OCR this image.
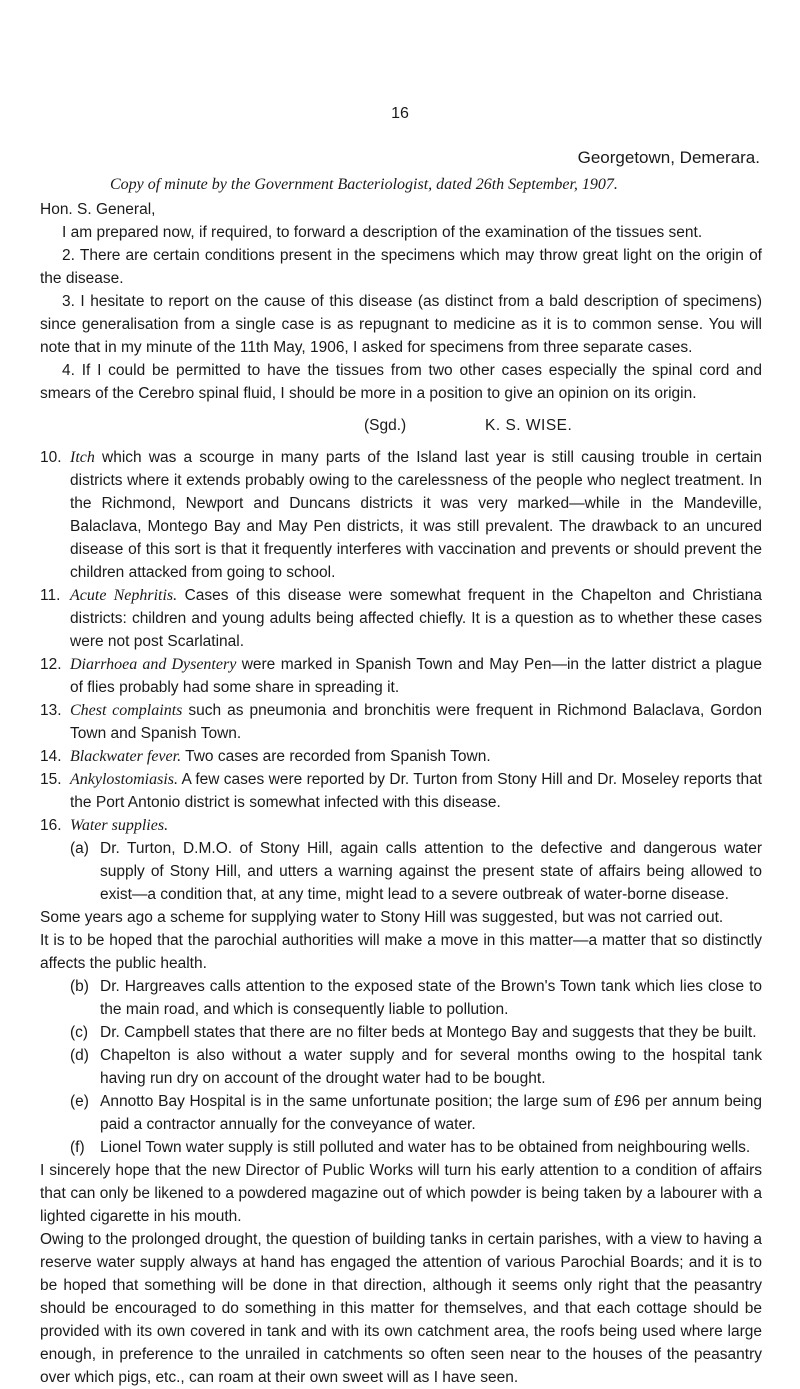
16
Georgetown, Demerara.
Copy of minute by the Government Bacteriologist, dated 26th September, 1907.

Hon. S. General,

I am prepared now, if required, to forward a description of the examination of the tissues sent.

2. There are certain conditions present in the specimens which may throw great light on the origin of the disease.

3. I hesitate to report on the cause of this disease (as distinct from a bald description of specimens) since generalisation from a single case is as repugnant to medicine as it is to common sense. You will note that in my minute of the 11th May, 1906, I asked for specimens from three separate cases.

4. If I could be permitted to have the tissues from two other cases especially the spinal cord and smears of the Cerebro spinal fluid, I should be more in a position to give an opinion on its origin.

(Sgd.)	K. S. WISE.
10. Itch which was a scourge in many parts of the Island last year is still causing trouble in certain districts where it extends probably owing to the carelessness of the people who neglect treatment. In the Richmond, Newport and Duncans districts it was very marked—while in the Mandeville, Balaclava, Montego Bay and May Pen districts, it was still prevalent. The drawback to an uncured disease of this sort is that it frequently interferes with vaccination and prevents or should prevent the children attacked from going to school.
11. Acute Nephritis. Cases of this disease were somewhat frequent in the Chapelton and Christiana districts: children and young adults being affected chiefly. It is a question as to whether these cases were not post Scarlatinal.
12. Diarrhoea and Dysentery were marked in Spanish Town and May Pen—in the latter district a plague of flies probably had some share in spreading it.
13. Chest complaints such as pneumonia and bronchitis were frequent in Richmond Balaclava, Gordon Town and Spanish Town.
14. Blackwater fever. Two cases are recorded from Spanish Town.
15. Ankylostomiasis. A few cases were reported by Dr. Turton from Stony Hill and Dr. Moseley reports that the Port Antonio district is somewhat infected with this disease.
16. Water supplies.
(a) Dr. Turton, D.M.O. of Stony Hill, again calls attention to the defective and dangerous water supply of Stony Hill, and utters a warning against the present state of affairs being allowed to exist—a condition that, at any time, might lead to a severe outbreak of water-borne disease.

Some years ago a scheme for supplying water to Stony Hill was suggested, but was not carried out.

It is to be hoped that the parochial authorities will make a move in this matter—a matter that so distinctly affects the public health.

(b) Dr. Hargreaves calls attention to the exposed state of the Brown's Town tank which lies close to the main road, and which is consequently liable to pollution.
(c) Dr. Campbell states that there are no filter beds at Montego Bay and suggests that they be built.
(d) Chapelton is also without a water supply and for several months owing to the hospital tank having run dry on account of the drought water had to be bought.
(e) Annotto Bay Hospital is in the same unfortunate position; the large sum of £96 per annum being paid a contractor annually for the conveyance of water.
(f) Lionel Town water supply is still polluted and water has to be obtained from neighbouring wells.

I sincerely hope that the new Director of Public Works will turn his early attention to a condition of affairs that can only be likened to a powdered magazine out of which powder is being taken by a labourer with a lighted cigarette in his mouth.

Owing to the prolonged drought, the question of building tanks in certain parishes, with a view to having a reserve water supply always at hand has engaged the attention of various Parochial Boards; and it is to be hoped that something will be done in that direction, although it seems only right that the peasantry should be encouraged to do something in this matter for themselves, and that each cottage should be provided with its own covered in tank and with its own catchment area, the roofs being used where large enough, in preference to the unrailed in catchments so often seen near to the houses of the peasantry over which pigs, etc., can roam at their own sweet will as I have seen.
